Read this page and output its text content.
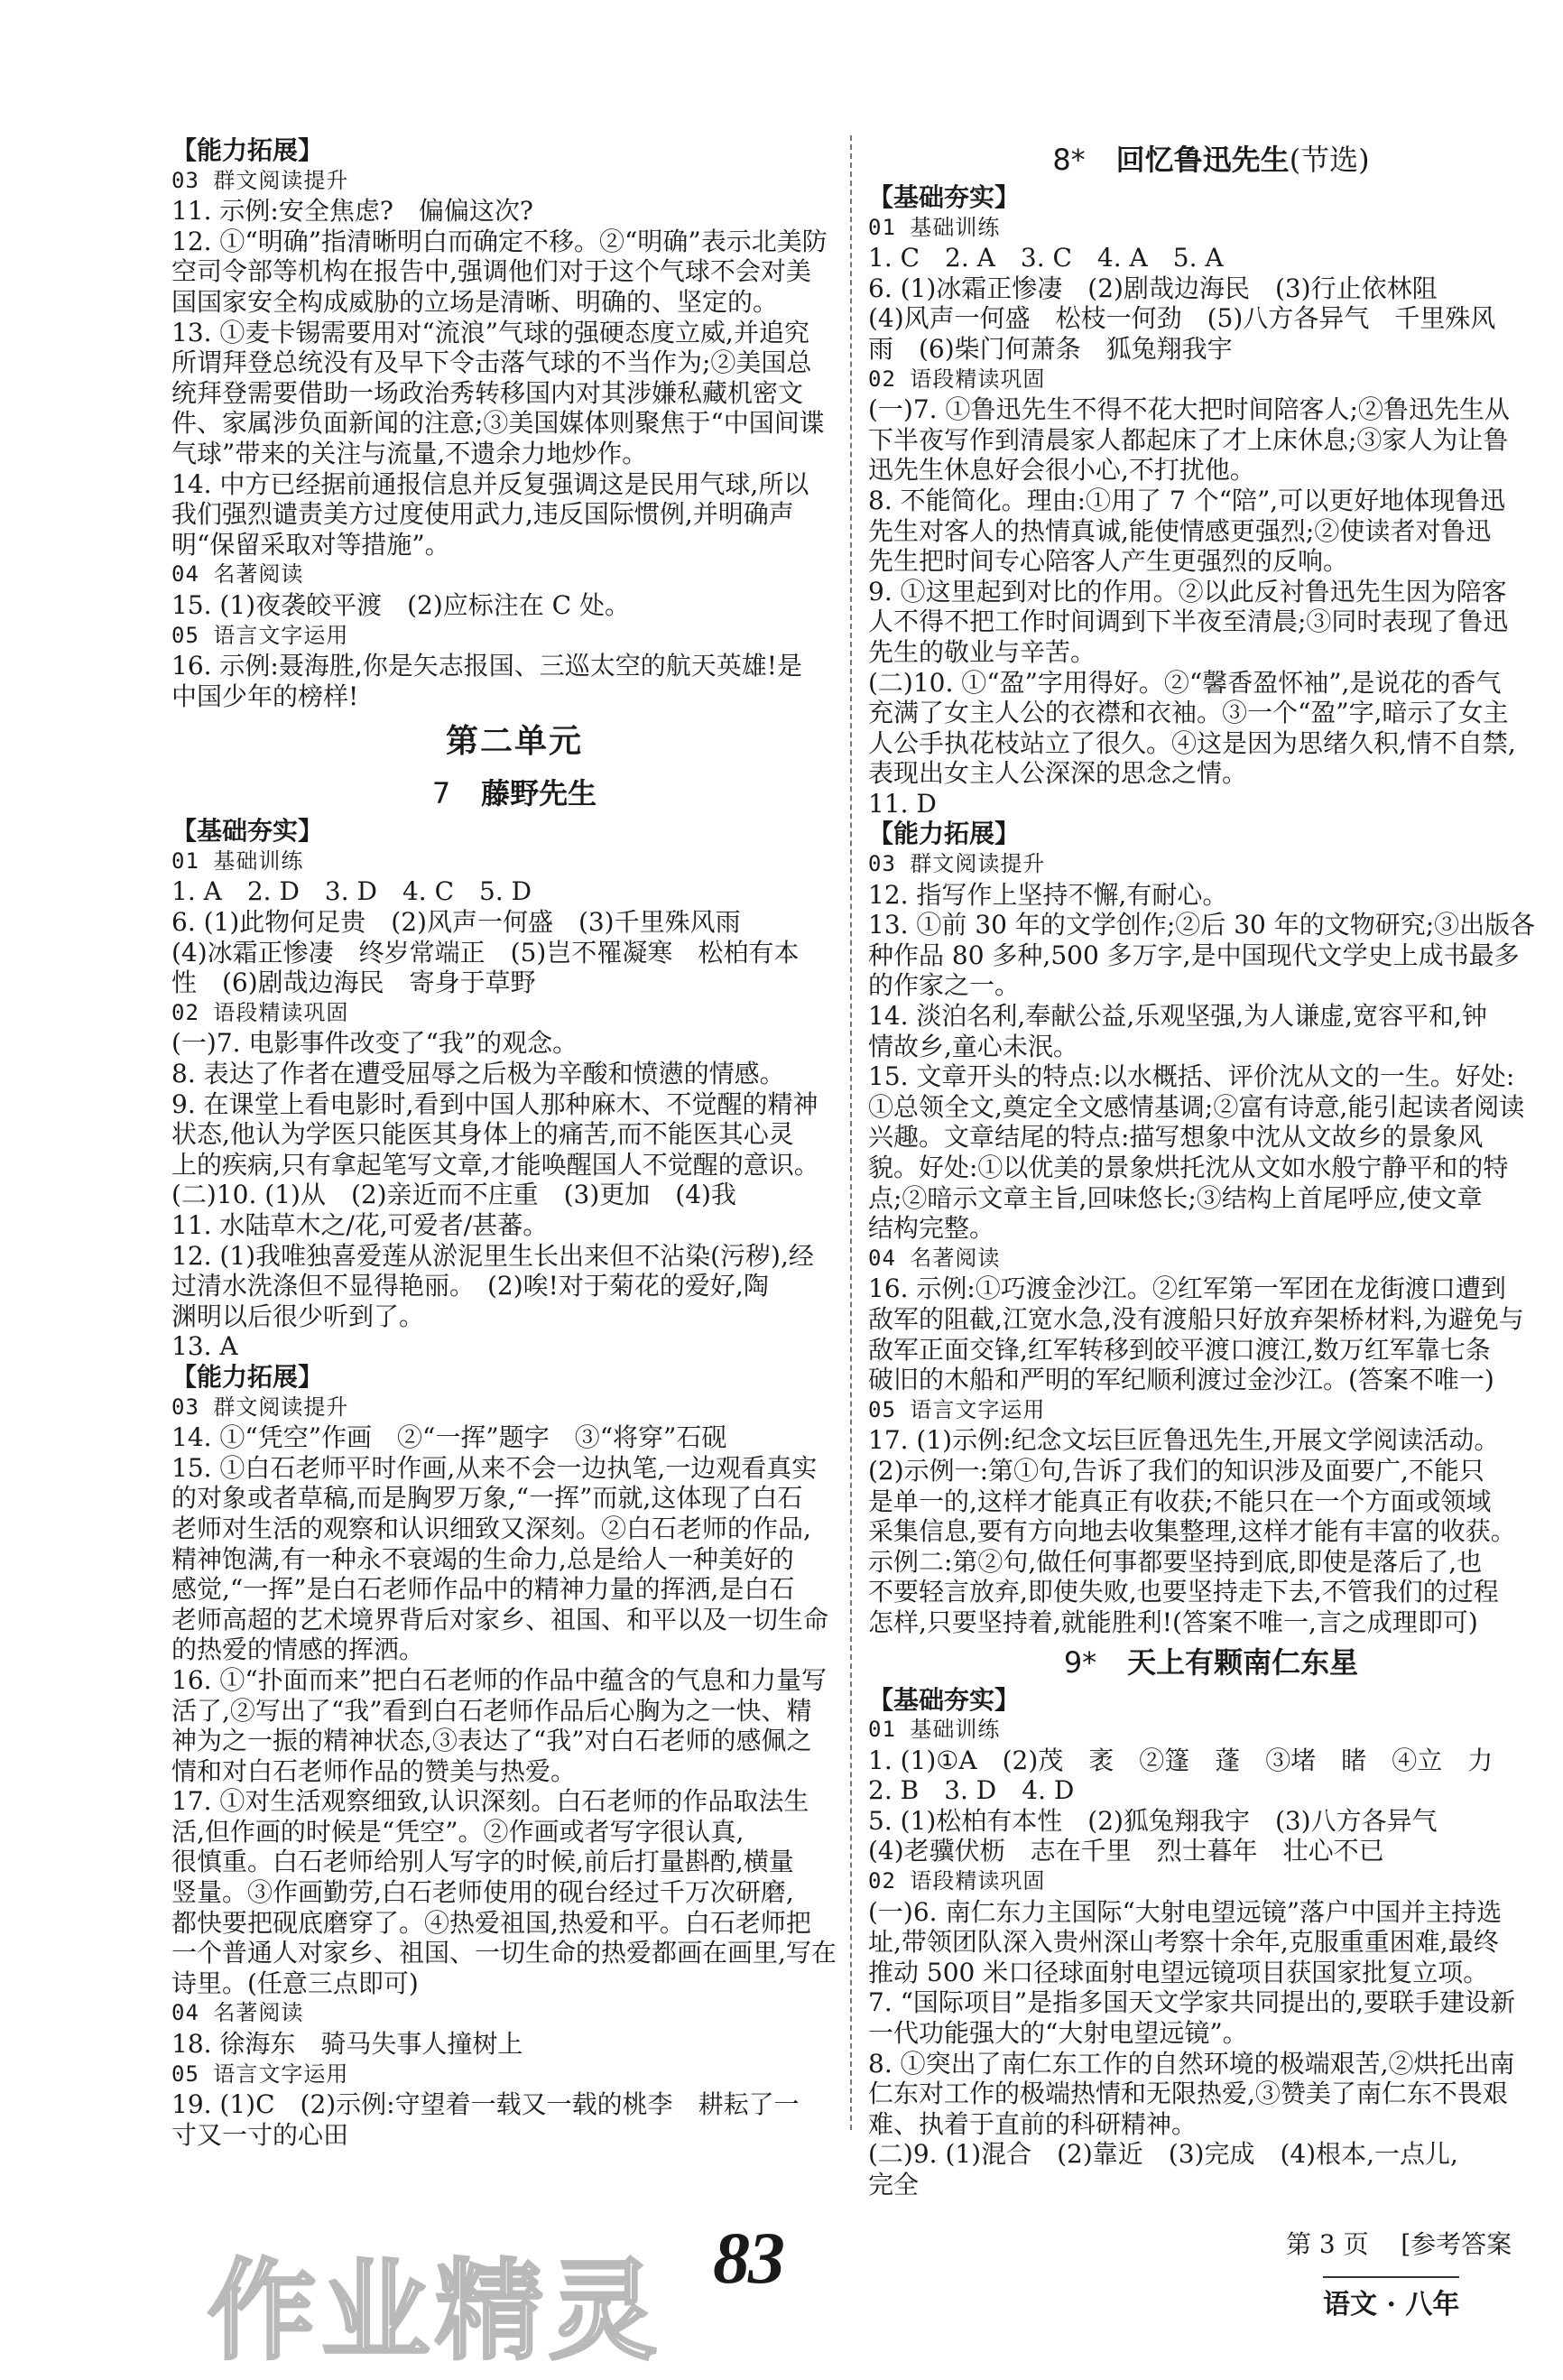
【能力拓展】
03 群文阅读提升
11. 示例:安全焦虑?　偏偏这次?
12. ①“明确”指清晰明白而确定不移。②“明确”表示北美防
空司令部等机构在报告中,强调他们对于这个气球不会对美
国国家安全构成威胁的立场是清晰、明确的、坚定的。
13. ①麦卡锡需要用对“流浪”气球的强硬态度立威,并追究
所谓拜登总统没有及早下令击落气球的不当作为;②美国总
统拜登需要借助一场政治秀转移国内对其涉嫌私藏机密文
件、家属涉负面新闻的注意;③美国媒体则聚焦于“中国间谍
气球”带来的关注与流量,不遗余力地炒作。
14. 中方已经据前通报信息并反复强调这是民用气球,所以
我们强烈谴责美方过度使用武力,违反国际惯例,并明确声
明“保留采取对等措施”。
04 名著阅读
15. (1)夜袭皎平渡　(2)应标注在 C 处。
05 语言文字运用
16. 示例:聂海胜,你是矢志报国、三巡太空的航天英雄!是
中国少年的榜样!
第二单元
7 藤野先生
【基础夯实】
01 基础训练
1. A　2. D　3. D　4. C　5. D
6. (1)此物何足贵　(2)风声一何盛　(3)千里殊风雨
(4)冰霜正惨凄　终岁常端正　(5)岂不罹凝寒　松柏有本
性　(6)剧哉边海民　寄身于草野
02 语段精读巩固
(一)7. 电影事件改变了“我”的观念。
8. 表达了作者在遭受屈辱之后极为辛酸和愤懑的情感。
9. 在课堂上看电影时,看到中国人那种麻木、不觉醒的精神
状态,他认为学医只能医其身体上的痛苦,而不能医其心灵
上的疾病,只有拿起笔写文章,才能唤醒国人不觉醒的意识。
(二)10. (1)从　(2)亲近而不庄重　(3)更加　(4)我
11. 水陆草木之/花,可爱者/甚蕃。
12. (1)我唯独喜爱莲从淤泥里生长出来但不沾染(污秽),经
过清水洗涤但不显得艳丽。　(2)唉!对于菊花的爱好,陶
渊明以后很少听到了。
13. A
【能力拓展】
03 群文阅读提升
14. ①“凭空”作画　②“一挥”题字　③“将穿”石砚
15. ①白石老师平时作画,从来不会一边执笔,一边观看真实
的对象或者草稿,而是胸罗万象,“一挥”而就,这体现了白石
老师对生活的观察和认识细致又深刻。②白石老师的作品,
精神饱满,有一种永不衰竭的生命力,总是给人一种美好的
感觉,“一挥”是白石老师作品中的精神力量的挥洒,是白石
老师高超的艺术境界背后对家乡、祖国、和平以及一切生命
的热爱的情感的挥洒。
16. ①“扑面而来”把白石老师的作品中蕴含的气息和力量写
活了,②写出了“我”看到白石老师作品后心胸为之一快、精
神为之一振的精神状态,③表达了“我”对白石老师的感佩之
情和对白石老师作品的赞美与热爱。
17. ①对生活观察细致,认识深刻。白石老师的作品取法生
活,但作画的时候是“凭空”。②作画或者写字很认真,
很慎重。白石老师给别人写字的时候,前后打量斟酌,横量
竖量。③作画勤劳,白石老师使用的砚台经过千万次研磨,
都快要把砚底磨穿了。④热爱祖国,热爱和平。白石老师把
一个普通人对家乡、祖国、一切生命的热爱都画在画里,写在
诗里。(任意三点即可)
04 名著阅读
18. 徐海东　骑马失事人撞树上
05 语言文字运用
19. (1)C　(2)示例:守望着一载又一载的桃李　耕耘了一
寸又一寸的心田
8* 回忆鲁迅先生(节选)
【基础夯实】
01 基础训练
1. C　2. A　3. C　4. A　5. A
6. (1)冰霜正惨凄　(2)剧哉边海民　(3)行止依林阻
(4)风声一何盛　松枝一何劲　(5)八方各异气　千里殊风
雨　(6)柴门何萧条　狐兔翔我宇
02 语段精读巩固
(一)7. ①鲁迅先生不得不花大把时间陪客人;②鲁迅先生从
下半夜写作到清晨家人都起床了才上床休息;③家人为让鲁
迅先生休息好会很小心,不打扰他。
8. 不能简化。理由:①用了 7 个“陪”,可以更好地体现鲁迅
先生对客人的热情真诚,能使情感更强烈;②使读者对鲁迅
先生把时间专心陪客人产生更强烈的反响。
9. ①这里起到对比的作用。②以此反衬鲁迅先生因为陪客
人不得不把工作时间调到下半夜至清晨;③同时表现了鲁迅
先生的敬业与辛苦。
(二)10. ①“盈”字用得好。②“馨香盈怀袖”,是说花的香气
充满了女主人公的衣襟和衣袖。③一个“盈”字,暗示了女主
人公手执花枝站立了很久。④这是因为思绪久积,情不自禁,
表现出女主人公深深的思念之情。
11. D
【能力拓展】
03 群文阅读提升
12. 指写作上坚持不懈,有耐心。
13. ①前 30 年的文学创作;②后 30 年的文物研究;③出版各
种作品 80 多种,500 多万字,是中国现代文学史上成书最多
的作家之一。
14. 淡泊名利,奉献公益,乐观坚强,为人谦虚,宽容平和,钟
情故乡,童心未泯。
15. 文章开头的特点:以水概括、评价沈从文的一生。好处:
①总领全文,奠定全文感情基调;②富有诗意,能引起读者阅读
兴趣。文章结尾的特点:描写想象中沈从文故乡的景象风
貌。好处:①以优美的景象烘托沈从文如水般宁静平和的特
点;②暗示文章主旨,回味悠长;③结构上首尾呼应,使文章
结构完整。
04 名著阅读
16. 示例:①巧渡金沙江。②红军第一军团在龙街渡口遭到
敌军的阻截,江宽水急,没有渡船只好放弃架桥材料,为避免与
敌军正面交锋,红军转移到皎平渡口渡江,数万红军靠七条
破旧的木船和严明的军纪顺利渡过金沙江。(答案不唯一)
05 语言文字运用
17. (1)示例:纪念文坛巨匠鲁迅先生,开展文学阅读活动。
(2)示例一:第①句,告诉了我们的知识涉及面要广,不能只
是单一的,这样才能真正有收获;不能只在一个方面或领域
采集信息,要有方向地去收集整理,这样才能有丰富的收获。
示例二:第②句,做任何事都要坚持到底,即使是落后了,也
不要轻言放弃,即使失败,也要坚持走下去,不管我们的过程
怎样,只要坚持着,就能胜利!(答案不唯一,言之成理即可)
9* 天上有颗南仁东星
【基础夯实】
01 基础训练
1. (1)①A　(2)茂　袤　②篷　蓬　③堵　睹　④立　力
2. B　3. D　4. D
5. (1)松柏有本性　(2)狐兔翔我宇　(3)八方各异气
(4)老骥伏枥　志在千里　烈士暮年　壮心不已
02 语段精读巩固
(一)6. 南仁东力主国际“大射电望远镜”落户中国并主持选
址,带领团队深入贵州深山考察十余年,克服重重困难,最终
推动 500 米口径球面射电望远镜项目获国家批复立项。
7. “国际项目”是指多国天文学家共同提出的,要联手建设新
一代功能强大的“大射电望远镜”。
8. ①突出了南仁东工作的自然环境的极端艰苦,②烘托出南
仁东对工作的极端热情和无限热爱,③赞美了南仁东不畏艰
难、执着于直前的科研精神。
(二)9. (1)混合　(2)靠近　(3)完成　(4)根本,一点儿,
完全
作业精灵 83	第 3 页 [参考答案
语文 · 八年
